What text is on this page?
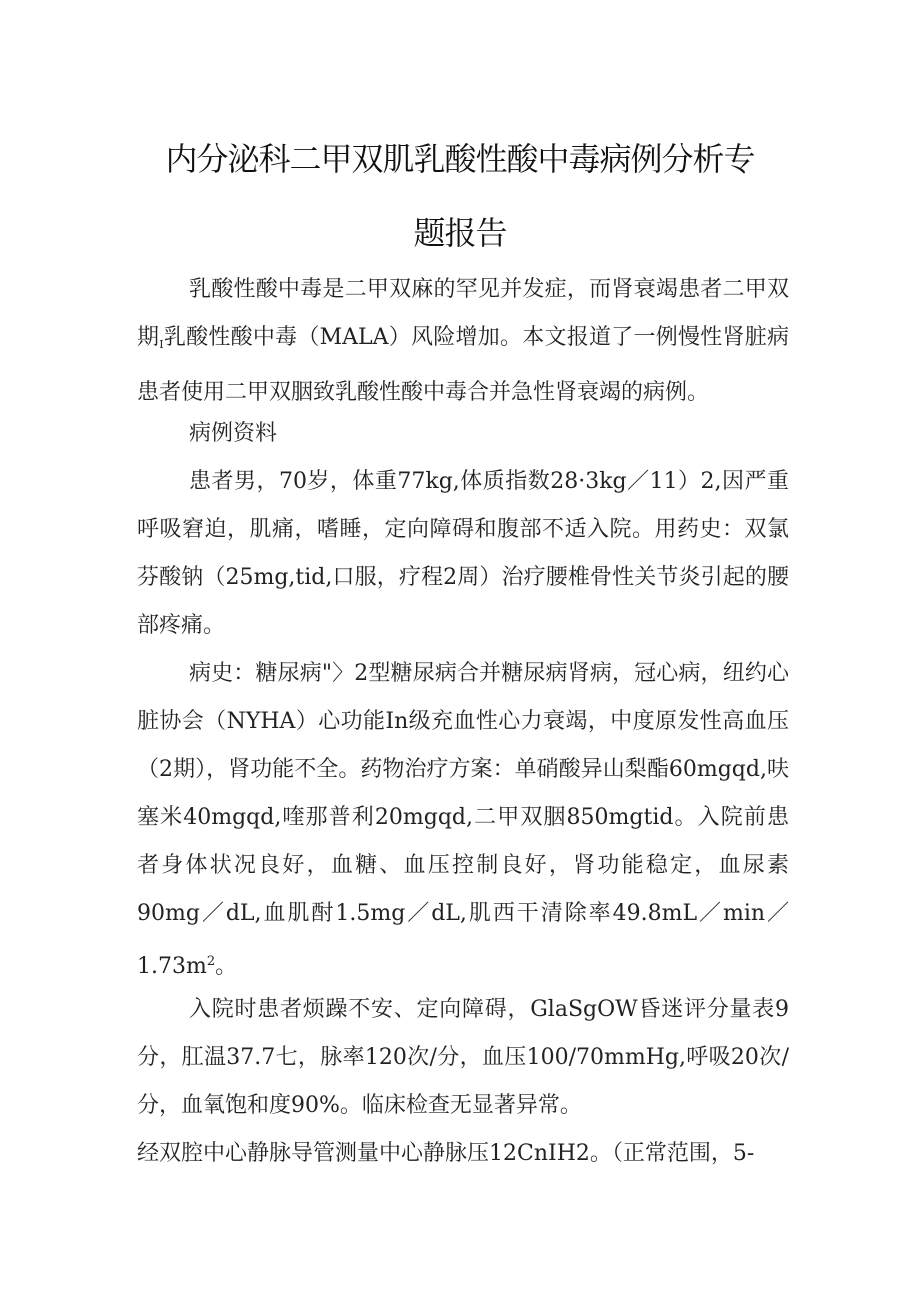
内分泌科二甲双肌乳酸性酸中毒病例分析专
题报告

乳酸性酸中毒是二甲双麻的罕见并发症，而肾衰竭患者二甲双期$_I$乳酸性酸中毒（MALA）风险增加。本文报道了一例慢性肾脏病患者使用二甲双胭致乳酸性酸中毒合并急性肾衰竭的病例。

病例资料

患者男，70岁，体重77kg,体质指数28·3kg／11）2,因严重呼吸窘迫，肌痛，嗜睡，定向障碍和腹部不适入院。用药史：双氯芬酸钠（25mg,tid,口服，疗程2周）治疗腰椎骨性关节炎引起的腰部疼痛。

病史：糖尿病"〉2型糖尿病合并糖尿病肾病，冠心病，纽约心脏协会（NYHA）心功能In级充血性心力衰竭，中度原发性高血压（2期），肾功能不全。药物治疗方案：单硝酸异山梨酯60mgqd,呋塞米40mgqd,喹那普利20mgqd,二甲双胭850mgtid。入院前患者身体状况良好，血糖、血压控制良好，肾功能稳定，血尿素90mg／dL,血肌酎1.5mg／dL,肌西干清除率$49.8mL/\min/1.73m^2$。

入院时患者烦躁不安、定向障碍，GlaSgOW昏迷评分量表9分，肛温37.7七，脉率120次/分，血压100/70mmHg,呼吸20次/分，血氧饱和度90%。临床检查无显著异常。

经双腔中心静脉导管测量中心静脉压12CnIH2。（正常范围，5-
